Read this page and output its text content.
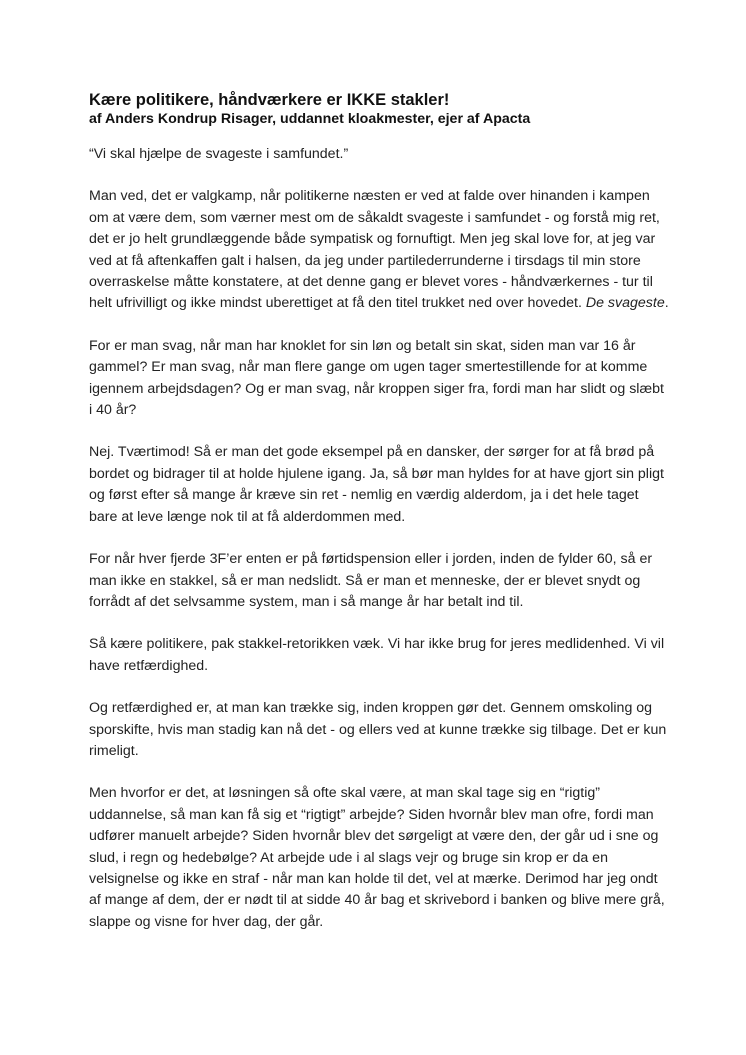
Kære politikere, håndværkere er IKKE stakler!

af Anders Kondrup Risager, uddannet kloakmester, ejer af Apacta

“Vi skal hjælpe de svageste i samfundet.”

Man ved, det er valgkamp, når politikerne næsten er ved at falde over hinanden i kampen om at være dem, som værner mest om de såkaldt svageste i samfundet - og forstå mig ret, det er jo helt grundlæggende både sympatisk og fornuftigt. Men jeg skal love for, at jeg var ved at få aftenkaffen galt i halsen, da jeg under partilederrunderne i tirsdags til min store overraskelse måtte konstatere, at det denne gang er blevet vores - håndværkernes - tur til helt ufrivilligt og ikke mindst uberettiget at få den titel trukket ned over hovedet. De svageste.

For er man svag, når man har knoklet for sin løn og betalt sin skat, siden man var 16 år gammel? Er man svag, når man flere gange om ugen tager smertestillende for at komme igennem arbejdsdagen? Og er man svag, når kroppen siger fra, fordi man har slidt og slæbt i 40 år?

Nej. Tværtimod! Så er man det gode eksempel på en dansker, der sørger for at få brød på bordet og bidrager til at holde hjulene igang. Ja, så bør man hyldes for at have gjort sin pligt og først efter så mange år kræve sin ret - nemlig en værdig alderdom, ja i det hele taget bare at leve længe nok til at få alderdommen med.

For når hver fjerde 3F’er enten er på førtidspension eller i jorden, inden de fylder 60, så er man ikke en stakkel, så er man nedslidt. Så er man et menneske, der er blevet snydt og forrådt af det selvsamme system, man i så mange år har betalt ind til.

Så kære politikere, pak stakkel-retorikken væk. Vi har ikke brug for jeres medlidenhed. Vi vil have retfærdighed.

Og retfærdighed er, at man kan trække sig, inden kroppen gør det. Gennem omskoling og sporskifte, hvis man stadig kan nå det - og ellers ved at kunne trække sig tilbage. Det er kun rimeligt.

Men hvorfor er det, at løsningen så ofte skal være, at man skal tage sig en “rigtig” uddannelse, så man kan få sig et “rigtigt” arbejde? Siden hvornår blev man ofre, fordi man udfører manuelt arbejde? Siden hvornår blev det sørgeligt at være den, der går ud i sne og slud, i regn og hedebølge? At arbejde ude i al slags vejr og bruge sin krop er da en velsignelse og ikke en straf - når man kan holde til det, vel at mærke. Derimod har jeg ondt af mange af dem, der er nødt til at sidde 40 år bag et skrivebord i banken og blive mere grå, slappe og visne for hver dag, der går.
